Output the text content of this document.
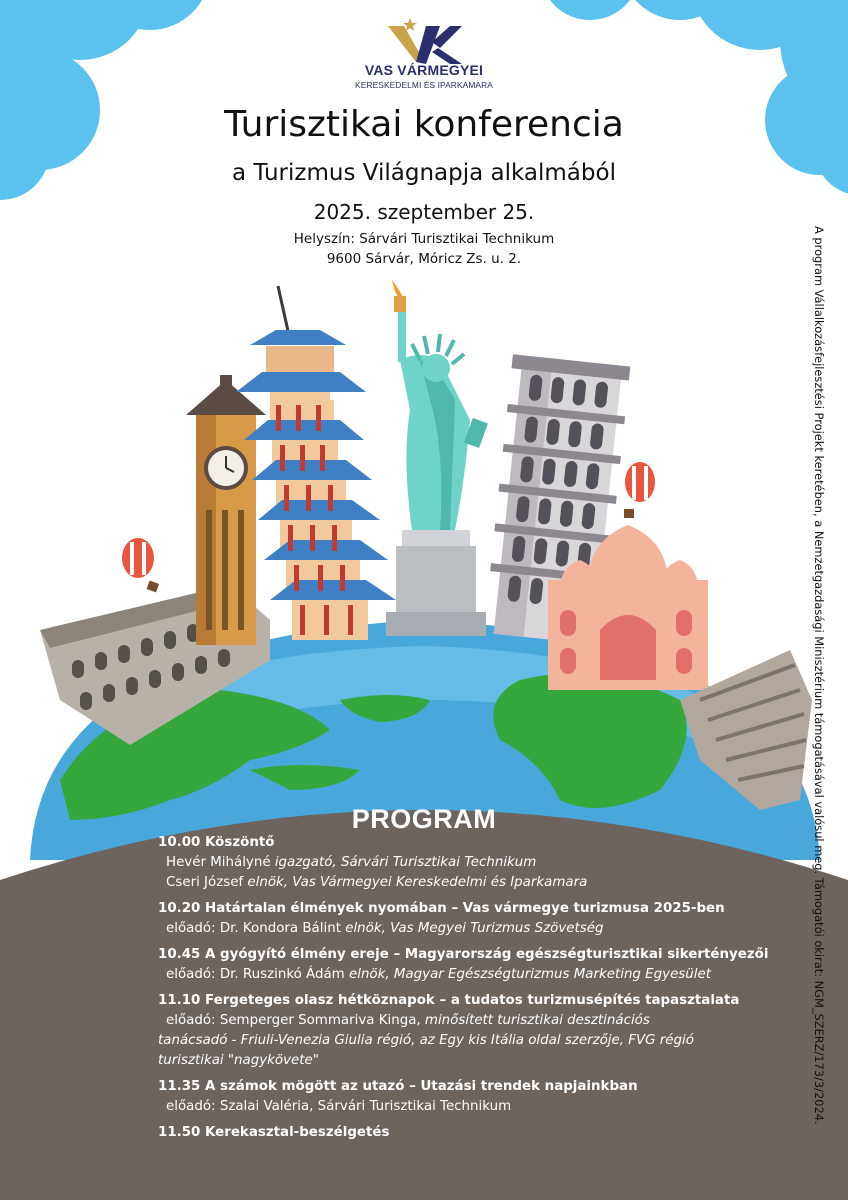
VAS VÁRMEGYEI
KERESKEDELMI ÉS IPARKAMARA
Turisztikai konferencia
a Turizmus Világnapja alkalmából
2025. szeptember 25.
Helyszín: Sárvári Turisztikai Technikum
9600 Sárvár, Móricz Zs. u. 2.	A program Vállalkozásfejlesztési Projekt keretében, a Nemzetgazdasági Minisztérium támogatásával valósul meg. Támogatói okirat: NGM_SZERZ/173/3/2024.
PROGRAM
10.00 Köszöntő
Hevér Mihályné igazgató, Sárvári Turisztikai Technikum
Cseri József elnök, Vas Vármegyei Kereskedelmi és Iparkamara
10.20 Határtalan élmények nyomában – Vas vármegye turizmusa 2025-ben
előadó: Dr. Kondora Bálint elnök, Vas Megyei Turizmus Szövetség
10.45 A gyógyító élmény ereje – Magyarország egészségturisztikai sikertényezői
előadó: Dr. Ruszinkó Ádám elnök, Magyar Egészségturizmus Marketing Egyesület
11.10 Fergeteges olasz hétköznapok – a tudatos turizmusépítés tapasztalata
előadó: Semperger Sommariva Kinga, minősített turisztikai desztinációs
tanácsadó - Friuli-Venezia Giulia régió, az Egy kis Itália oldal szerzője, FVG régió
turisztikai "nagykövete"
11.35 A számok mögött az utazó – Utazási trendek napjainkban
előadó: Szalai Valéria, Sárvári Turisztikai Technikum
11.50 Kerekasztal-beszélgetés
